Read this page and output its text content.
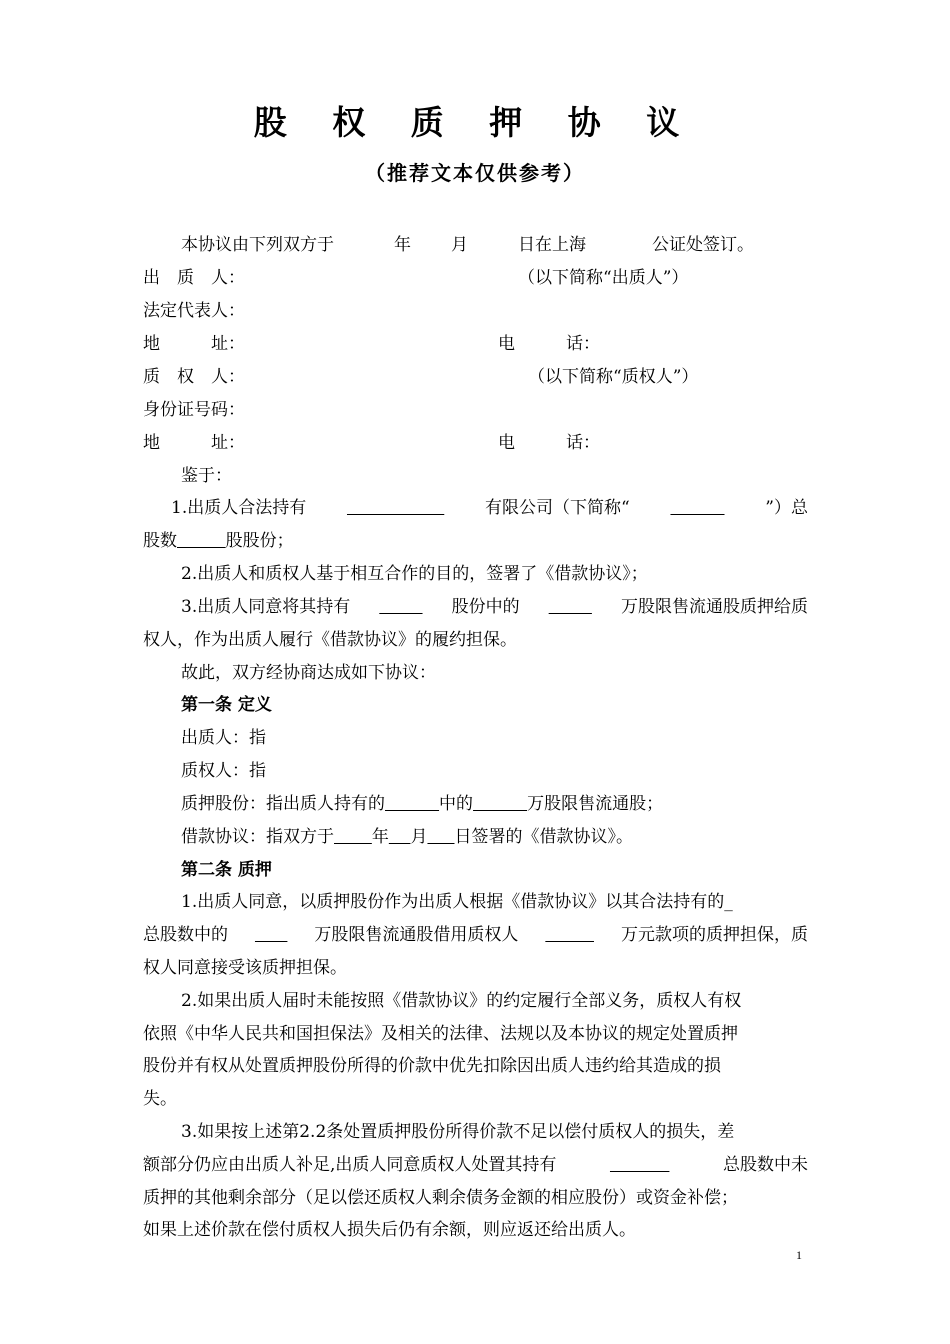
股 权 质 押 协 议
（推荐文本仅供参考）
本协议由下列双方于	年 月	日在上海	公证处签订。
出　质　人：	（以下简称“出质人”）
法定代表人：
地　　　址：	电　　　话：
质　权　人：	（以下简称“质权人”）
身份证号码：
地　　　址：	电　　　话：
鉴于：
1.出质人合法持有
	有限公司（下简称“
	”）总
股数	股股份；
2.出质人和质权人基于相互合作的目的，签署了《借款协议》；
3.出质人同意将其持有
	股份中的
	万股限售流通股质押给质
权人，作为出质人履行《借款协议》的履约担保。
故此，双方经协商达成如下协议：
第一条 定义
出质人：指
质权人：指
质押股份：指出质人持有的	中的	万股限售流通股；
借款协议：指双方于 年 月 日签署的《借款协议》。
第二条 质押
1.出质人同意，以质押股份作为出质人根据《借款协议》以其合法持有的_
总股数中的
	万股限售流通股借用质权人
	万元款项的质押担保，质
权人同意接受该质押担保。
2.如果出质人届时未能按照《借款协议》的约定履行全部义务，质权人有权
依照《中华人民共和国担保法》及相关的法律、法规以及本协议的规定处置质押
股份并有权从处置质押股份所得的价款中优先扣除因出质人违约给其造成的损
失。
3.如果按上述第2.2条处置质押股份所得价款不足以偿付质权人的损失，差
额部分仍应由出质人补足,出质人同意质权人处置其持有
	总股数中未
质押的其他剩余部分（足以偿还质权人剩余债务金额的相应股份）或资金补偿；
如果上述价款在偿付质权人损失后仍有余额，则应返还给出质人。
1
